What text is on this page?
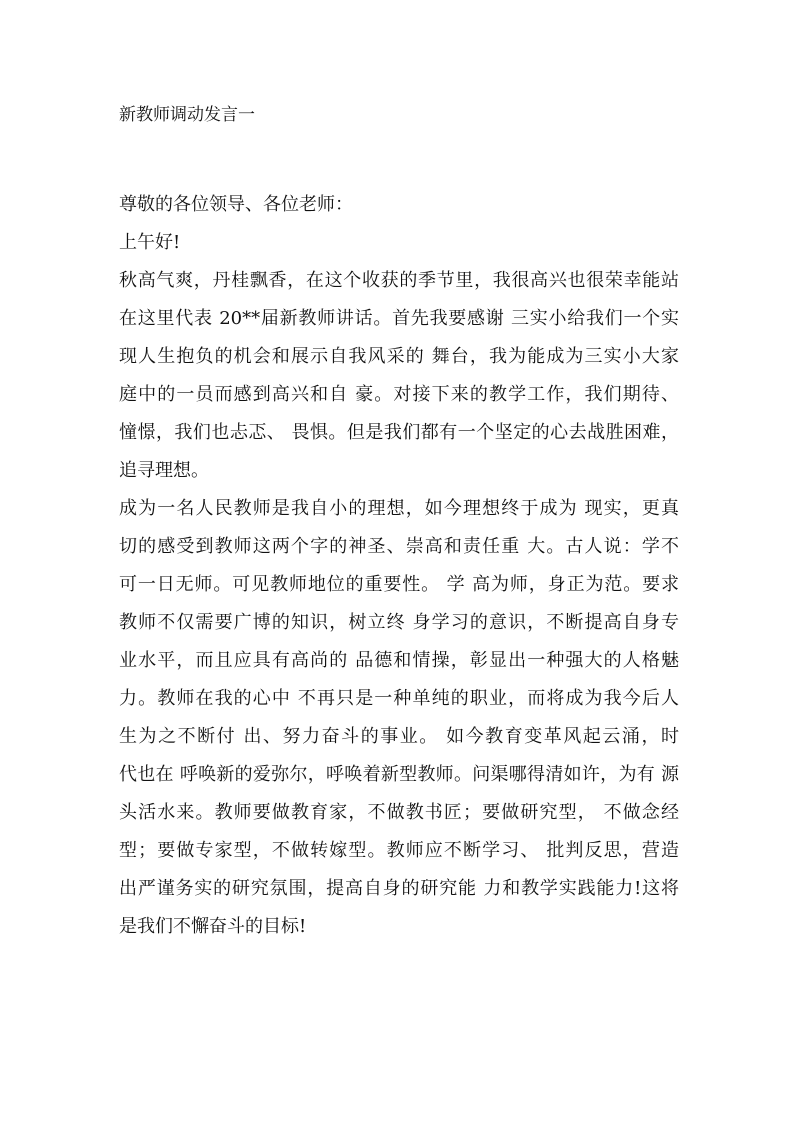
新教师调动发言一
尊敬的各位领导、各位老师：
上午好!
秋高气爽，丹桂飘香，在这个收获的季节里，我很高兴也很荣幸能站
在这里代表 20**届新教师讲话。首先我要感谢 三实小给我们一个实
现人生抱负的机会和展示自我风采的 舞台，我为能成为三实小大家
庭中的一员而感到高兴和自 豪。对接下来的教学工作，我们期待、
憧憬，我们也忐忑、 畏惧。但是我们都有一个坚定的心去战胜困难，
追寻理想。
成为一名人民教师是我自小的理想，如今理想终于成为 现实，更真
切的感受到教师这两个字的神圣、崇高和责任重 大。古人说：学不
可一日无师。可见教师地位的重要性。 学 高为师，身正为范。要求
教师不仅需要广博的知识，树立终 身学习的意识，不断提高自身专
业水平，而且应具有高尚的 品德和情操，彰显出一种强大的人格魅
力。教师在我的心中 不再只是一种单纯的职业，而将成为我今后人
生为之不断付 出、努力奋斗的事业。 如今教育变革风起云涌，时
代也在 呼唤新的爱弥尔，呼唤着新型教师。问渠哪得清如许，为有 源
头活水来。教师要做教育家，不做教书匠；要做研究型， 不做念经
型；要做专家型，不做转嫁型。教师应不断学习、 批判反思，营造
出严谨务实的研究氛围，提高自身的研究能 力和教学实践能力!这将
是我们不懈奋斗的目标!
